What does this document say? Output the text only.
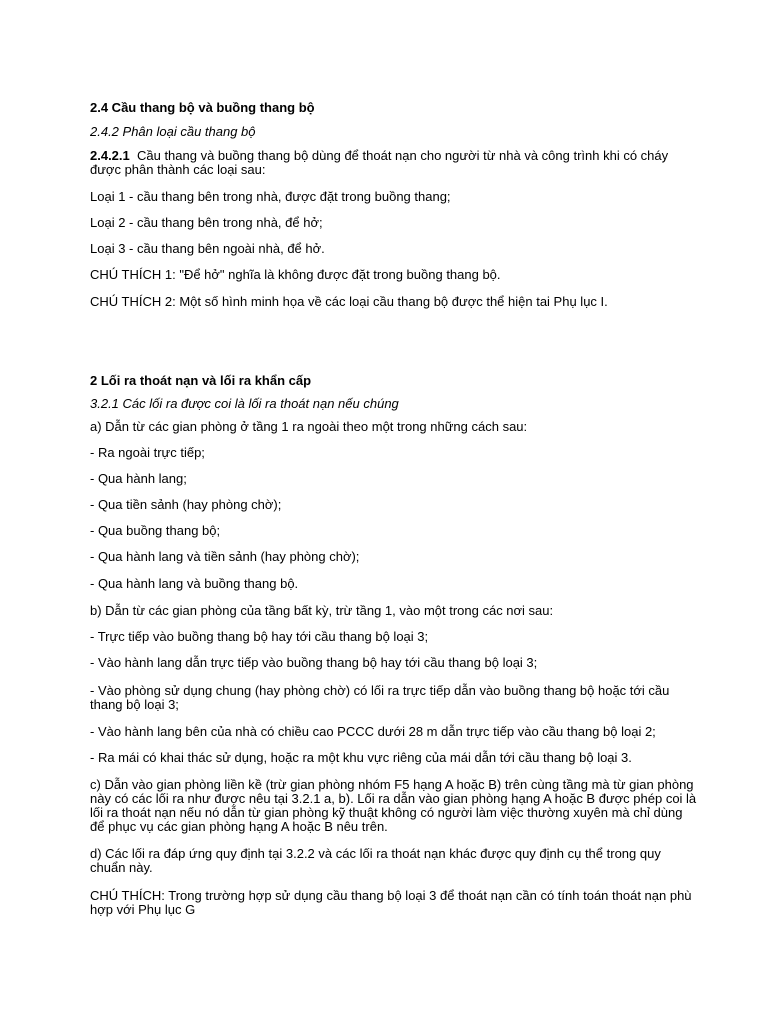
2.4 Cầu thang bộ và buồng thang bộ
2.4.2 Phân loại cầu thang bộ
2.4.2.1  Cầu thang và buồng thang bộ dùng để thoát nạn cho người từ nhà và công trình khi có cháy
được phân thành các loại sau:
Loại 1 - cầu thang bên trong nhà, được đặt trong buồng thang;
Loại 2 - cầu thang bên trong nhà, để hở;
Loại 3 - cầu thang bên ngoài nhà, để hở.
CHÚ THÍCH 1: "Để hở" nghĩa là không được đặt trong buồng thang bộ.
CHÚ THÍCH 2: Một số hình minh họa về các loại cầu thang bộ được thể hiện tai Phụ lục I.
2 Lối ra thoát nạn và lối ra khẩn cấp
3.2.1 Các lối ra được coi là lối ra thoát nạn nếu chúng
a) Dẫn từ các gian phòng ở tầng 1 ra ngoài theo một trong những cách sau:
- Ra ngoài trực tiếp;
- Qua hành lang;
- Qua tiền sảnh (hay phòng chờ);
- Qua buồng thang bộ;
- Qua hành lang và tiền sảnh (hay phòng chờ);
- Qua hành lang và buồng thang bộ.
b) Dẫn từ các gian phòng của tầng bất kỳ, trừ tầng 1, vào một trong các nơi sau:
- Trực tiếp vào buồng thang bộ hay tới cầu thang bộ loại 3;
- Vào hành lang dẫn trực tiếp vào buồng thang bộ hay tới cầu thang bộ loại 3;
- Vào phòng sử dụng chung (hay phòng chờ) có lối ra trực tiếp dẫn vào buồng thang bộ hoặc tới cầu
thang bộ loại 3;
- Vào hành lang bên của nhà có chiều cao PCCC dưới 28 m dẫn trực tiếp vào cầu thang bộ loại 2;
- Ra mái có khai thác sử dụng, hoặc ra một khu vực riêng của mái dẫn tới cầu thang bộ loại 3.
c) Dẫn vào gian phòng liền kề (trừ gian phòng nhóm F5 hạng A hoặc B) trên cùng tầng mà từ gian phòng
này có các lối ra như được nêu tại 3.2.1 a, b). Lối ra dẫn vào gian phòng hạng A hoặc B được phép coi là
lối ra thoát nạn nếu nó dẫn từ gian phòng kỹ thuật không có người làm việc thường xuyên mà chỉ dùng
để phục vụ các gian phòng hạng A hoặc B nêu trên.
d) Các lối ra đáp ứng quy định tại 3.2.2 và các lối ra thoát nạn khác được quy định cụ thể trong quy
chuẩn này.
CHÚ THÍCH: Trong trường hợp sử dụng cầu thang bộ loại 3 để thoát nạn cần có tính toán thoát nạn phù
hợp với Phụ lục G
